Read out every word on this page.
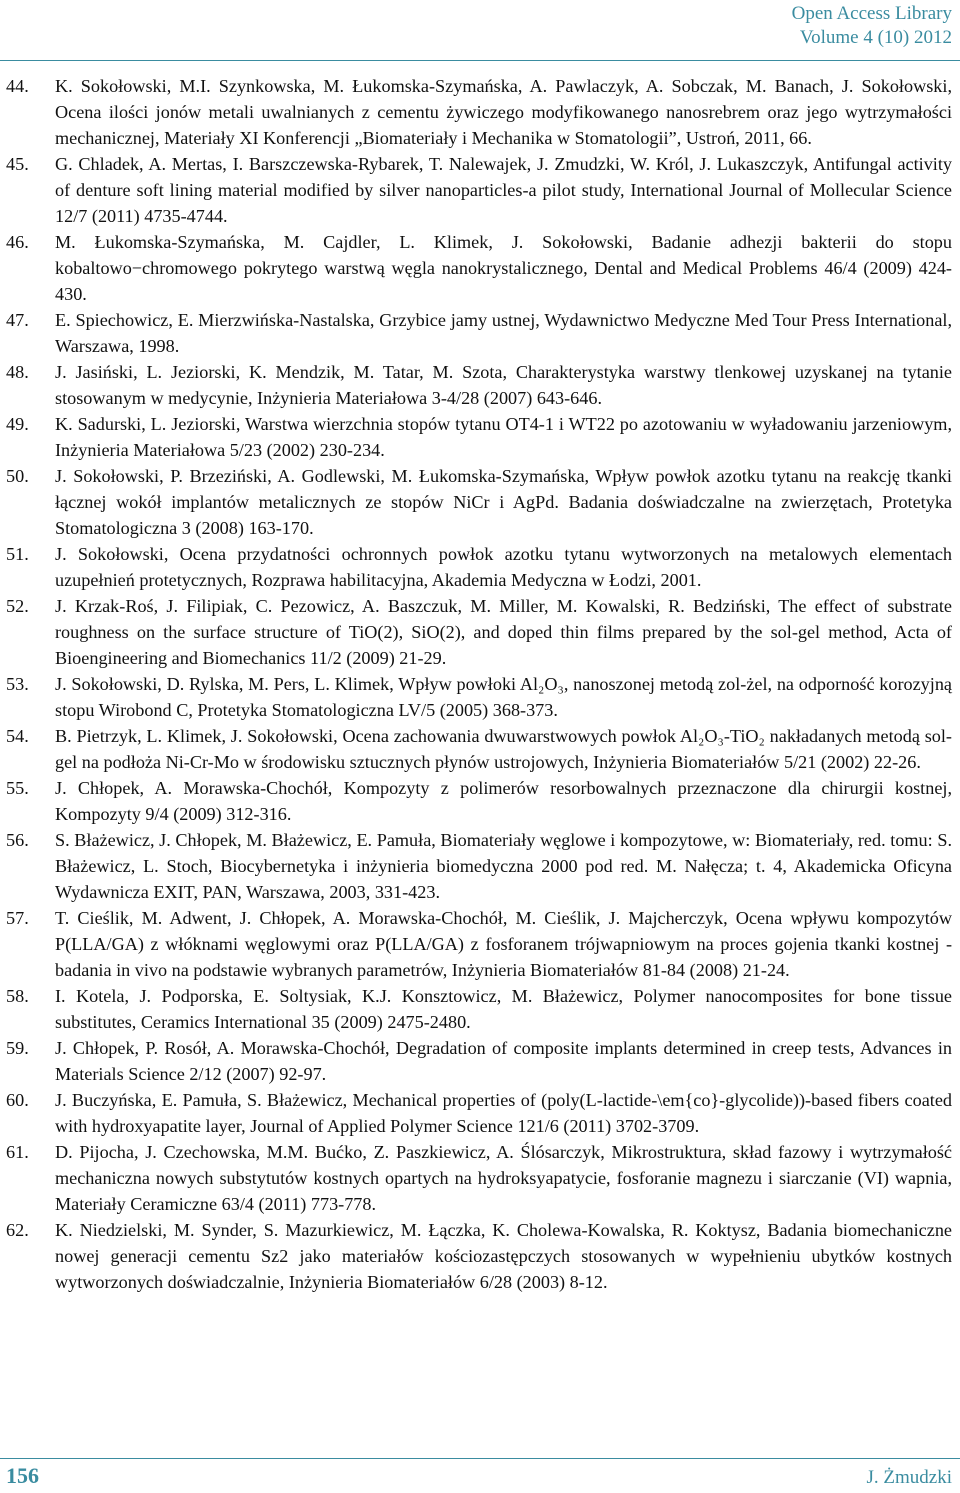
Open Access Library
Volume 4 (10) 2012
44. K. Sokołowski, M.I. Szynkowska, M. Łukomska-Szymańska, A. Pawlaczyk, A. Sobczak, M. Banach, J. Sokołowski, Ocena ilości jonów metali uwalnianych z cementu żywiczego modyfikowanego nanosrebrem oraz jego wytrzymałości mechanicznej, Materiały XI Konferencji „Biomateriały i Mechanika w Stomatologii”, Ustroń, 2011, 66.
45. G. Chladek, A. Mertas, I. Barszczewska-Rybarek, T. Nalewajek, J. Zmudzki, W. Król, J. Lukaszczyk, Antifungal activity of denture soft lining material modified by silver nanoparticles-a pilot study, International Journal of Mollecular Science 12/7 (2011) 4735-4744.
46. M. Łukomska-Szymańska, M. Cajdler, L. Klimek, J. Sokołowski, Badanie adhezji bakterii do stopu kobaltowo−chromowego pokrytego warstwą węgla nanokrystalicznego, Dental and Medical Problems 46/4 (2009) 424-430.
47. E. Spiechowicz, E. Mierzwińska-Nastalska, Grzybice jamy ustnej, Wydawnictwo Medyczne Med Tour Press International, Warszawa, 1998.
48. J. Jasiński, L. Jeziorski, K. Mendzik, M. Tatar, M. Szota, Charakterystyka warstwy tlenkowej uzyskanej na tytanie stosowanym w medycynie, Inżynieria Materiałowa 3-4/28 (2007) 643-646.
49. K. Sadurski, L. Jeziorski, Warstwa wierzchnia stopów tytanu OT4-1 i WT22 po azotowaniu w wyładowaniu jarzeniowym, Inżynieria Materiałowa 5/23 (2002) 230-234.
50. J. Sokołowski, P. Brzeziński, A. Godlewski, M. Łukomska-Szymańska, Wpływ powłok azotku tytanu na reakcję tkanki łącznej wokół implantów metalicznych ze stopów NiCr i AgPd. Badania doświadczalne na zwierzętach, Protetyka Stomatologiczna 3 (2008) 163-170.
51. J. Sokołowski, Ocena przydatności ochronnych powłok azotku tytanu wytworzonych na metalowych elementach uzupełnień protetycznych, Rozprawa habilitacyjna, Akademia Medyczna w Łodzi, 2001.
52. J. Krzak-Roś, J. Filipiak, C. Pezowicz, A. Baszczuk, M. Miller, M. Kowalski, R. Bedziński, The effect of substrate roughness on the surface structure of TiO(2), SiO(2), and doped thin films prepared by the sol-gel method, Acta of Bioengineering and Biomechanics 11/2 (2009) 21-29.
53. J. Sokołowski, D. Rylska, M. Pers, L. Klimek, Wpływ powłoki Al₂O₃, nanoszonej metodą zol-żel, na odporność korozyjną stopu Wirobond C, Protetyka Stomatologiczna LV/5 (2005) 368-373.
54. B. Pietrzyk, L. Klimek, J. Sokołowski, Ocena zachowania dwuwarstwowych powłok Al₂O₃-TiO₂ nakładanych metodą sol-gel na podłoża Ni-Cr-Mo w środowisku sztucznych płynów ustrojowych, Inżynieria Biomateriałów 5/21 (2002) 22-26.
55. J. Chłopek, A. Morawska-Chochół, Kompozyty z polimerów resorbowalnych przeznaczone dla chirurgii kostnej, Kompozyty 9/4 (2009) 312-316.
56. S. Błażewicz, J. Chłopek, M. Błażewicz, E. Pamuła, Biomateriały węglowe i kompozytowe, w: Biomateriały, red. tomu: S. Błażewicz, L. Stoch, Biocybernetyka i inżynieria biomedyczna 2000 pod red. M. Nałęcza; t. 4, Akademicka Oficyna Wydawnicza EXIT, PAN, Warszawa, 2003, 331-423.
57. T. Cieślik, M. Adwent, J. Chłopek, A. Morawska-Chochół, M. Cieślik, J. Majcherczyk, Ocena wpływu kompozytów P(LLA/GA) z włóknami węglowymi oraz P(LLA/GA) z fosforanem trójwapniowym na proces gojenia tkanki kostnej - badania in vivo na podstawie wybranych parametrów, Inżynieria Biomateriałów 81-84 (2008) 21-24.
58. I. Kotela, J. Podporska, E. Soltysiak, K.J. Konsztowicz, M. Błażewicz, Polymer nanocomposites for bone tissue substitutes, Ceramics International 35 (2009) 2475-2480.
59. J. Chłopek, P. Rosół, A. Morawska-Chochół, Degradation of composite implants determined in creep tests, Advances in Materials Science 2/12 (2007) 92-97.
60. J. Buczyńska, E. Pamuła, S. Błażewicz, Mechanical properties of (poly(L-lactide-\em{co}-glycolide))-based fibers coated with hydroxyapatite layer, Journal of Applied Polymer Science 121/6 (2011) 3702-3709.
61. D. Pijocha, J. Czechowska, M.M. Bućko, Z. Paszkiewicz, A. Ślósarczyk, Mikrostruktura, skład fazowy i wytrzymałość mechaniczna nowych substytutów kostnych opartych na hydroksyapatycie, fosforanie magnezu i siarczanie (VI) wapnia, Materiały Ceramiczne 63/4 (2011) 773-778.
62. K. Niedzielski, M. Synder, S. Mazurkiewicz, M. Łączka, K. Cholewa-Kowalska, R. Koktysz, Badania biomechaniczne nowej generacji cementu Sz2 jako materiałów kościozastępczych stosowanych w wypełnieniu ubytków kostnych wytworzonych doświadczalnie, Inżynieria Biomateriałów 6/28 (2003) 8-12.
156	J. Żmudzki
